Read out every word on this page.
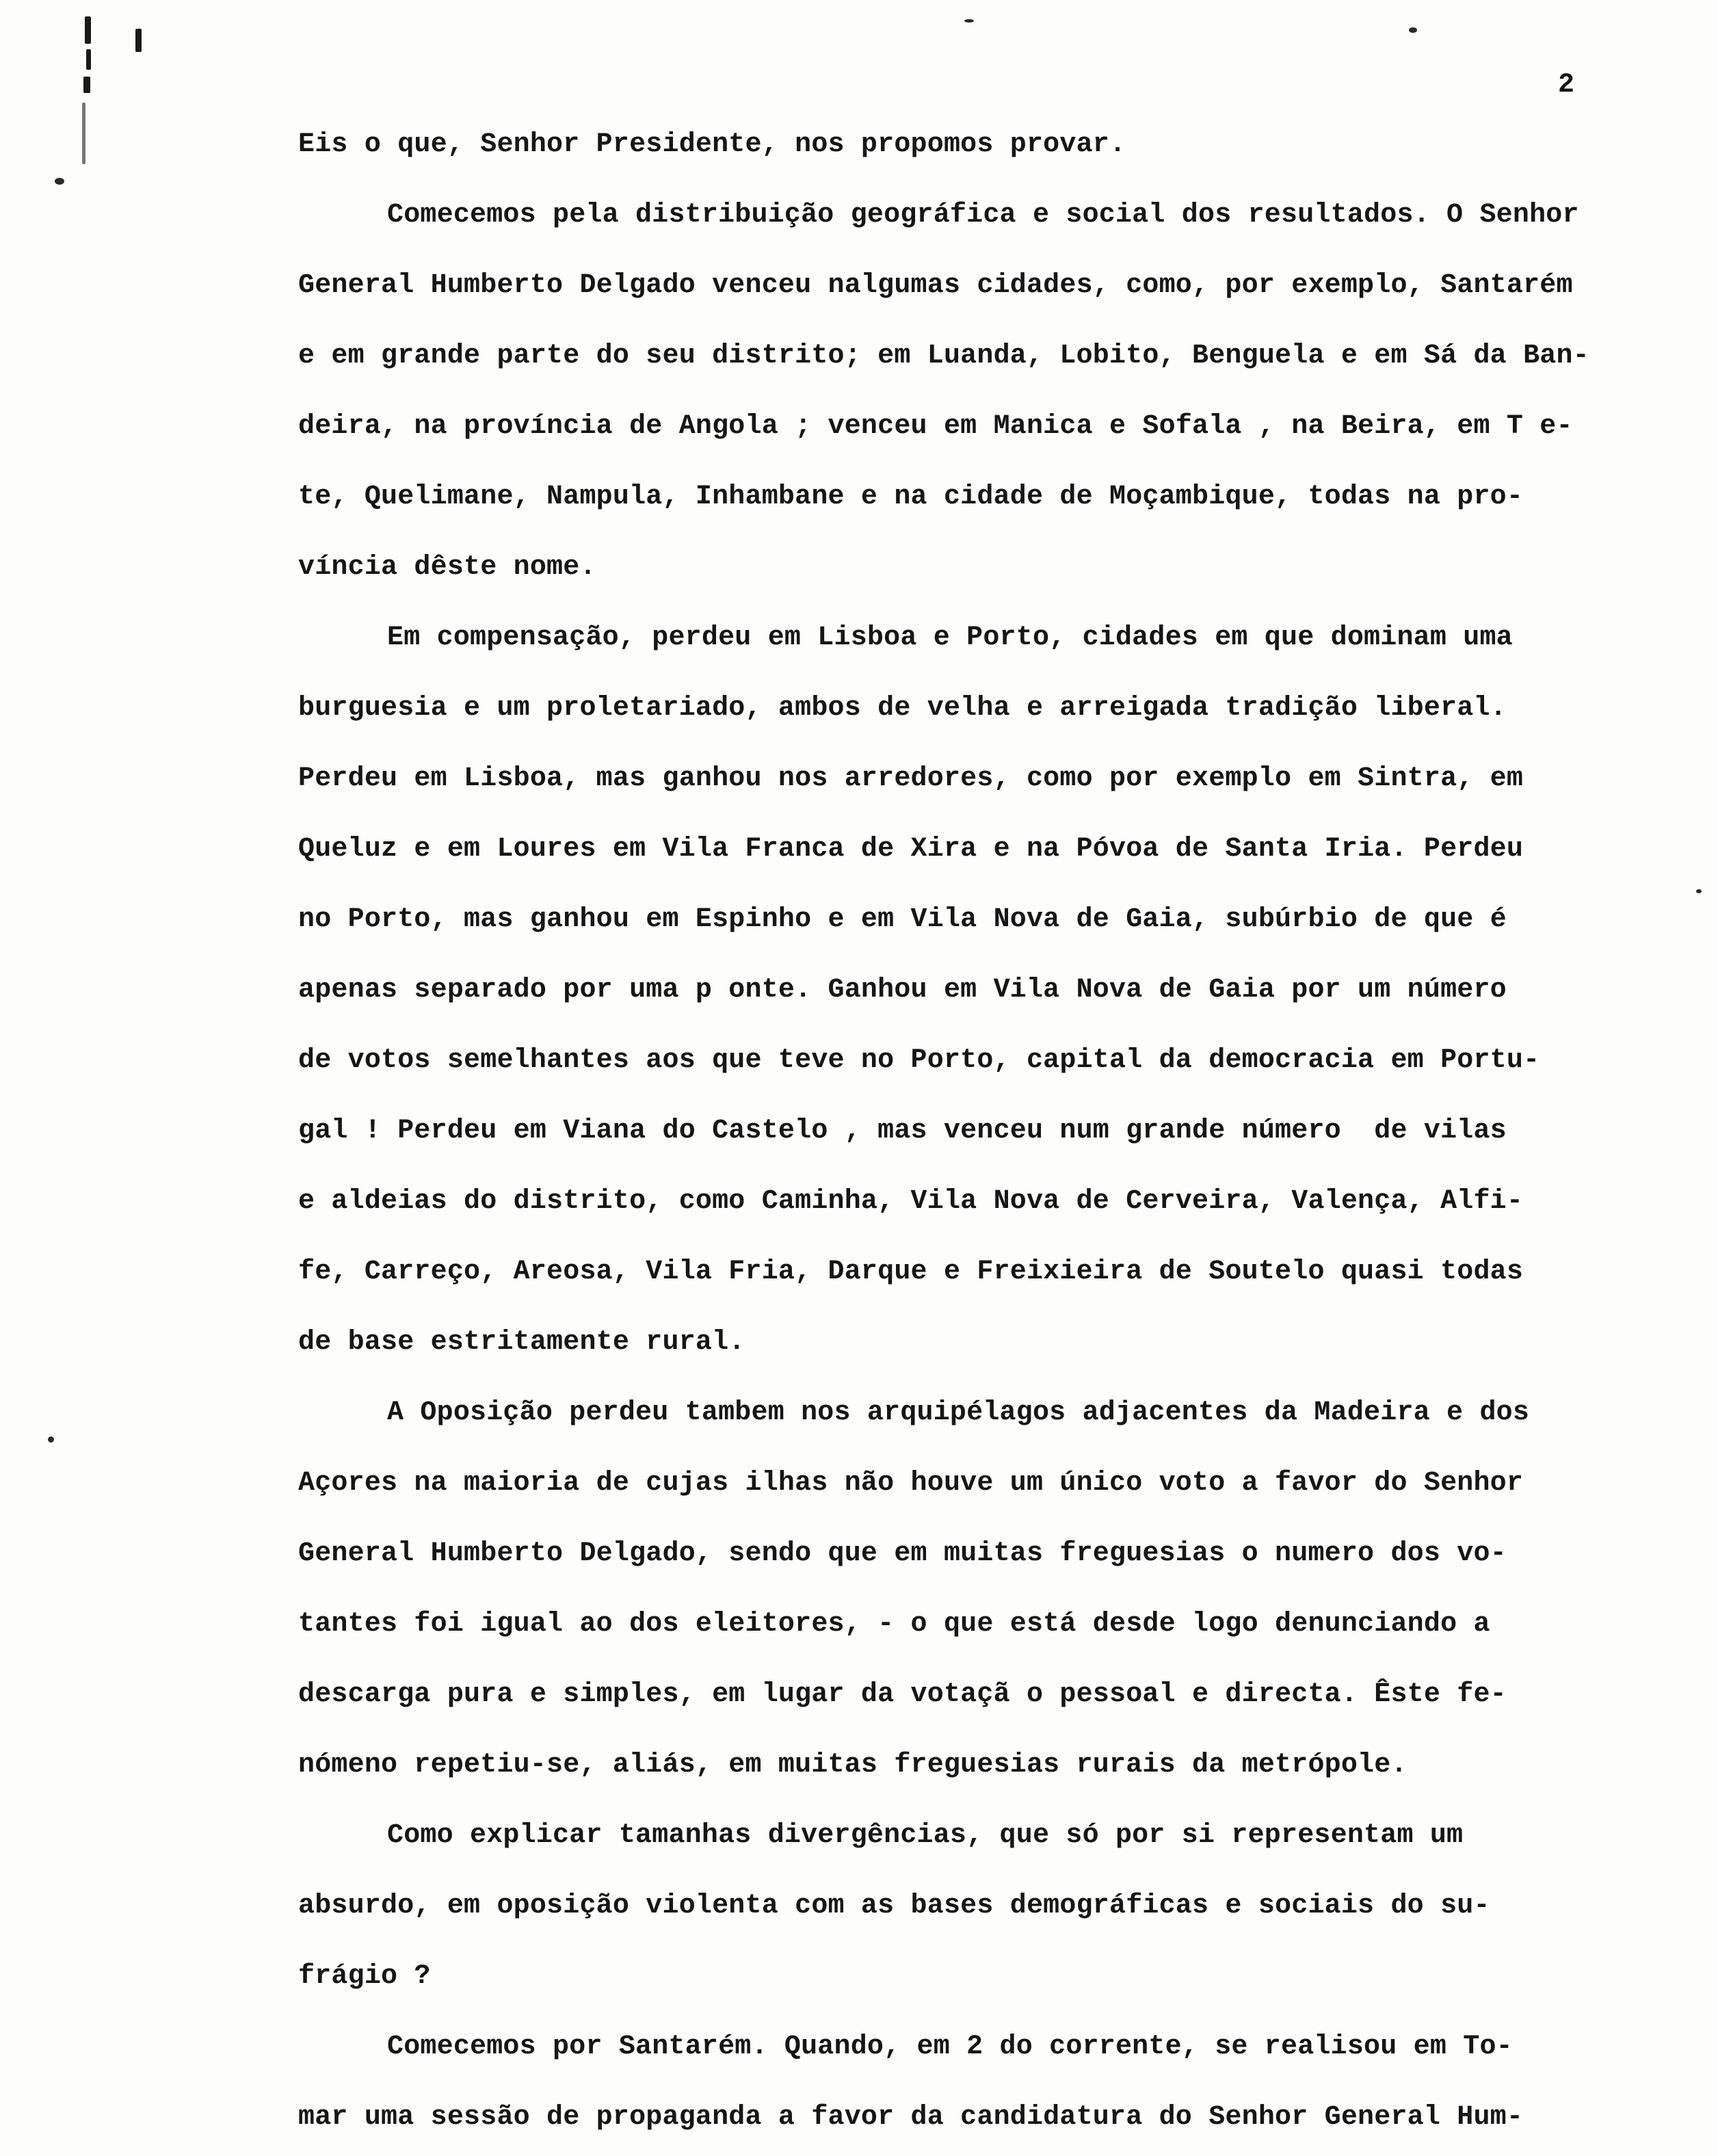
2
Eis o que, Senhor Presidente, nos propomos provar.
Comecemos pela distribuição geográfica e social dos resultados. O Senhor
General Humberto Delgado venceu nalgumas cidades, como, por exemplo, Santarém
e em grande parte do seu distrito; em Luanda, Lobito, Benguela e em Sá da Ban-
deira, na província de Angola ; venceu em Manica e Sofala , na Beira, em T e-
te, Quelimane, Nampula, Inhambane e na cidade de Moçambique, todas na pro-
víncia dêste nome.
Em compensação, perdeu em Lisboa e Porto, cidades em que dominam uma
burguesia e um proletariado, ambos de velha e arreigada tradição liberal.
Perdeu em Lisboa, mas ganhou nos arredores, como por exemplo em Sintra, em
Queluz e em Loures em Vila Franca de Xira e na Póvoa de Santa Iria. Perdeu
no Porto, mas ganhou em Espinho e em Vila Nova de Gaia, subúrbio de que é
apenas separado por uma p onte. Ganhou em Vila Nova de Gaia por um número
de votos semelhantes aos que teve no Porto, capital da democracia em Portu-
gal ! Perdeu em Viana do Castelo , mas venceu num grande número  de vilas
e aldeias do distrito, como Caminha, Vila Nova de Cerveira, Valença, Alfi-
fe, Carreço, Areosa, Vila Fria, Darque e Freixieira de Soutelo quasi todas
de base estritamente rural.
A Oposição perdeu tambem nos arquipélagos adjacentes da Madeira e dos
Açores na maioria de cujas ilhas não houve um único voto a favor do Senhor
General Humberto Delgado, sendo que em muitas freguesias o numero dos vo-
tantes foi igual ao dos eleitores, - o que está desde logo denunciando a
descarga pura e simples, em lugar da votaçã o pessoal e directa. Êste fe-
nómeno repetiu-se, aliás, em muitas freguesias rurais da metrópole.
Como explicar tamanhas divergências, que só por si representam um
absurdo, em oposição violenta com as bases demográficas e sociais do su-
frágio ?
Comecemos por Santarém. Quando, em 2 do corrente, se realisou em To-
mar uma sessão de propaganda a favor da candidatura do Senhor General Hum-
